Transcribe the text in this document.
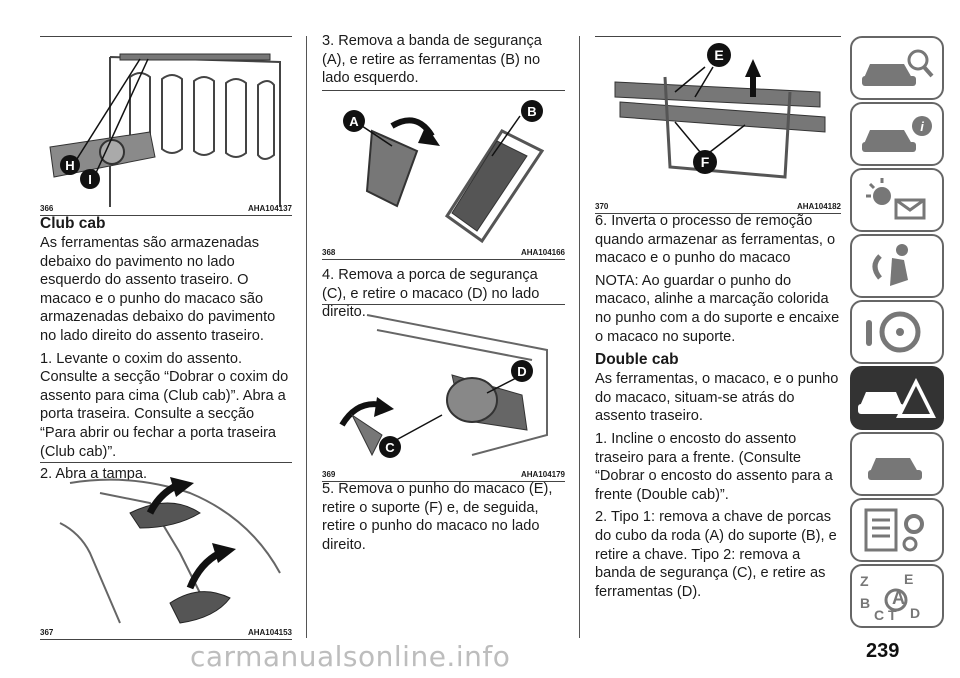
H
I
366	AHA104137
Club cab

As ferramentas são armazenadas debaixo do pavimento no lado esquerdo do assento traseiro. O macaco e o punho do macaco são armazenadas debaixo do pavimento no lado direito do assento traseiro.

1. Levante o coxim do assento. Consulte a secção “Dobrar o coxim do assento para cima (Club cab)”. Abra a porta traseira. Consulte a secção “Para abrir ou fechar a porta traseira (Club cab)”.

2. Abra a tampa.

367	AHA104153

3. Remova a banda de segurança (A), e retire as ferramentas (B) no lado esquerdo.

A
B
368	AHA104166

4. Remova a porca de segurança (C), e retire o macaco (D) no lado direito.

D
C
369	AHA104179

5. Remova o punho do macaco (E), retire o suporte (F) e, de seguida, retire o punho do macaco no lado direito.

E
F
370	AHA104182

6. Inverta o processo de remoção quando armazenar as ferramentas, o macaco e o punho do macaco

NOTA: Ao guardar o punho do macaco, alinhe a marcação colorida no punho com a do suporte e encaixe o macaco no suporte.

Double cab

As ferramentas, o macaco, e o punho do macaco, situam-se atrás do assento traseiro.

1. Incline o encosto do assento traseiro para a frente. (Consulte “Dobrar o encosto do assento para a frente (Double cab)”.

2. Tipo 1: remova a chave de porcas do cubo da roda (A) do suporte (B), e retire a chave. Tipo 2: remova a banda de segurança (C), e retire as ferramentas (D).

i
Z	E
B A
C T D
239
carmanualsonline.info
